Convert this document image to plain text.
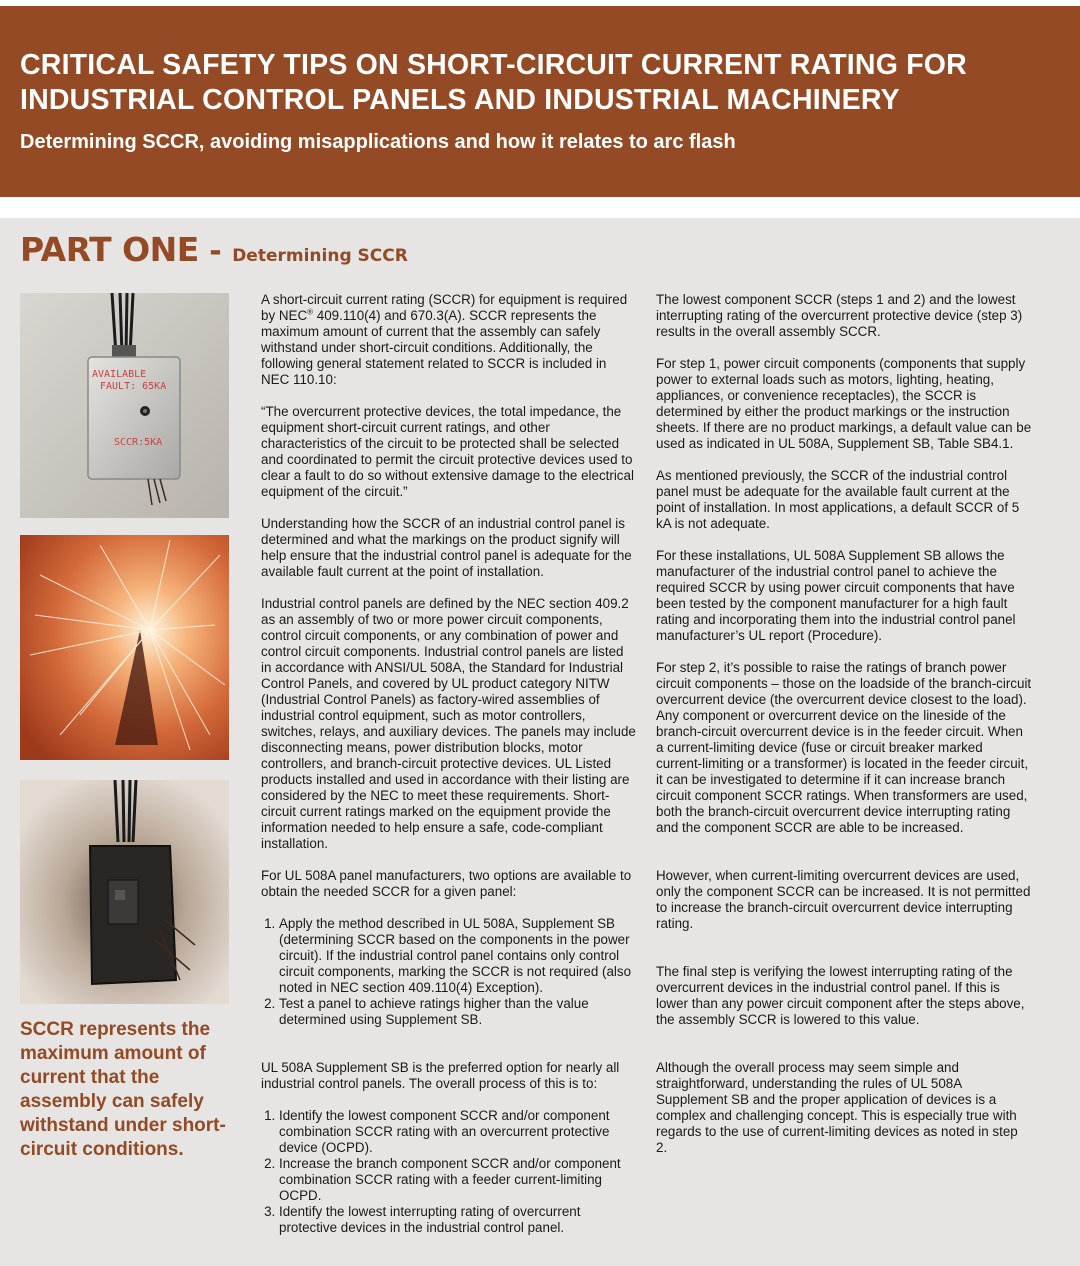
CRITICAL SAFETY TIPS ON SHORT-CIRCUIT CURRENT RATING FOR
INDUSTRIAL CONTROL PANELS AND INDUSTRIAL MACHINERY
Determining SCCR, avoiding misapplications and how it relates to arc flash
PART ONE - Determining SCCR
AVAILABLE
FAULT: 65KA
SCCR:5KA
SCCR represents the maximum amount of current that the assembly can safely withstand under short-circuit conditions.

A short-circuit current rating (SCCR) for equipment is required by NEC® 409.110(4) and 670.3(A). SCCR represents the maximum amount of current that the assembly can safely withstand under short-circuit conditions. Additionally, the following general statement related to SCCR is included in NEC 110.10:

“The overcurrent protective devices, the total impedance, the equipment short-circuit current ratings, and other characteristics of the circuit to be protected shall be selected and coordinated to permit the circuit protective devices used to clear a fault to do so without extensive damage to the electrical equipment of the circuit.”

Understanding how the SCCR of an industrial control panel is determined and what the markings on the product signify will help ensure that the industrial control panel is adequate for the available fault current at the point of installation.

Industrial control panels are defined by the NEC section 409.2 as an assembly of two or more power circuit components, control circuit components, or any combination of power and control circuit components. Industrial control panels are listed in accordance with ANSI/UL 508A, the Standard for Industrial Control Panels, and covered by UL product category NITW (Industrial Control Panels) as factory-wired assemblies of industrial control equipment, such as motor controllers, switches, relays, and auxiliary devices. The panels may include disconnecting means, power distribution blocks, motor controllers, and branch-circuit protective devices. UL Listed products installed and used in accordance with their listing are considered by the NEC to meet these requirements. Short-circuit current ratings marked on the equipment provide the information needed to help ensure a safe, code-compliant installation.

For UL 508A panel manufacturers, two options are available to obtain the needed SCCR for a given panel:

1. Apply the method described in UL 508A, Supplement SB (determining SCCR based on the components in the power circuit). If the industrial control panel contains only control circuit components, marking the SCCR is not required (also noted in NEC section 409.110(4) Exception).
2. Test a panel to achieve ratings higher than the value determined using Supplement SB.

UL 508A Supplement SB is the preferred option for nearly all industrial control panels. The overall process of this is to:

1. Identify the lowest component SCCR and/or component combination SCCR rating with an overcurrent protective device (OCPD).
2. Increase the branch component SCCR and/or component combination SCCR rating with a feeder current-limiting OCPD.
3. Identify the lowest interrupting rating of overcurrent protective devices in the industrial control panel.

The lowest component SCCR (steps 1 and 2) and the lowest interrupting rating of the overcurrent protective device (step 3) results in the overall assembly SCCR.

For step 1, power circuit components (components that supply power to external loads such as motors, lighting, heating, appliances, or convenience receptacles), the SCCR is determined by either the product markings or the instruction sheets. If there are no product markings, a default value can be used as indicated in UL 508A, Supplement SB, Table SB4.1.

As mentioned previously, the SCCR of the industrial control panel must be adequate for the available fault current at the point of installation. In most applications, a default SCCR of 5 kA is not adequate.

For these installations, UL 508A Supplement SB allows the manufacturer of the industrial control panel to achieve the required SCCR by using power circuit components that have been tested by the component manufacturer for a high fault rating and incorporating them into the industrial control panel manufacturer’s UL report (Procedure).

For step 2, it’s possible to raise the ratings of branch power circuit components – those on the loadside of the branch-circuit overcurrent device (the overcurrent device closest to the load). Any component or overcurrent device on the lineside of the branch-circuit overcurrent device is in the feeder circuit. When a current-limiting device (fuse or circuit breaker marked current-limiting or a transformer) is located in the feeder circuit, it can be investigated to determine if it can increase branch circuit component SCCR ratings. When transformers are used, both the branch-circuit overcurrent device interrupting rating and the component SCCR are able to be increased.

However, when current-limiting overcurrent devices are used, only the component SCCR can be increased. It is not permitted to increase the branch-circuit overcurrent device interrupting rating.

The final step is verifying the lowest interrupting rating of the overcurrent devices in the industrial control panel. If this is lower than any power circuit component after the steps above, the assembly SCCR is lowered to this value.

Although the overall process may seem simple and straightforward, understanding the rules of UL 508A Supplement SB and the proper application of devices is a complex and challenging concept. This is especially true with regards to the use of current-limiting devices as noted in step 2.
